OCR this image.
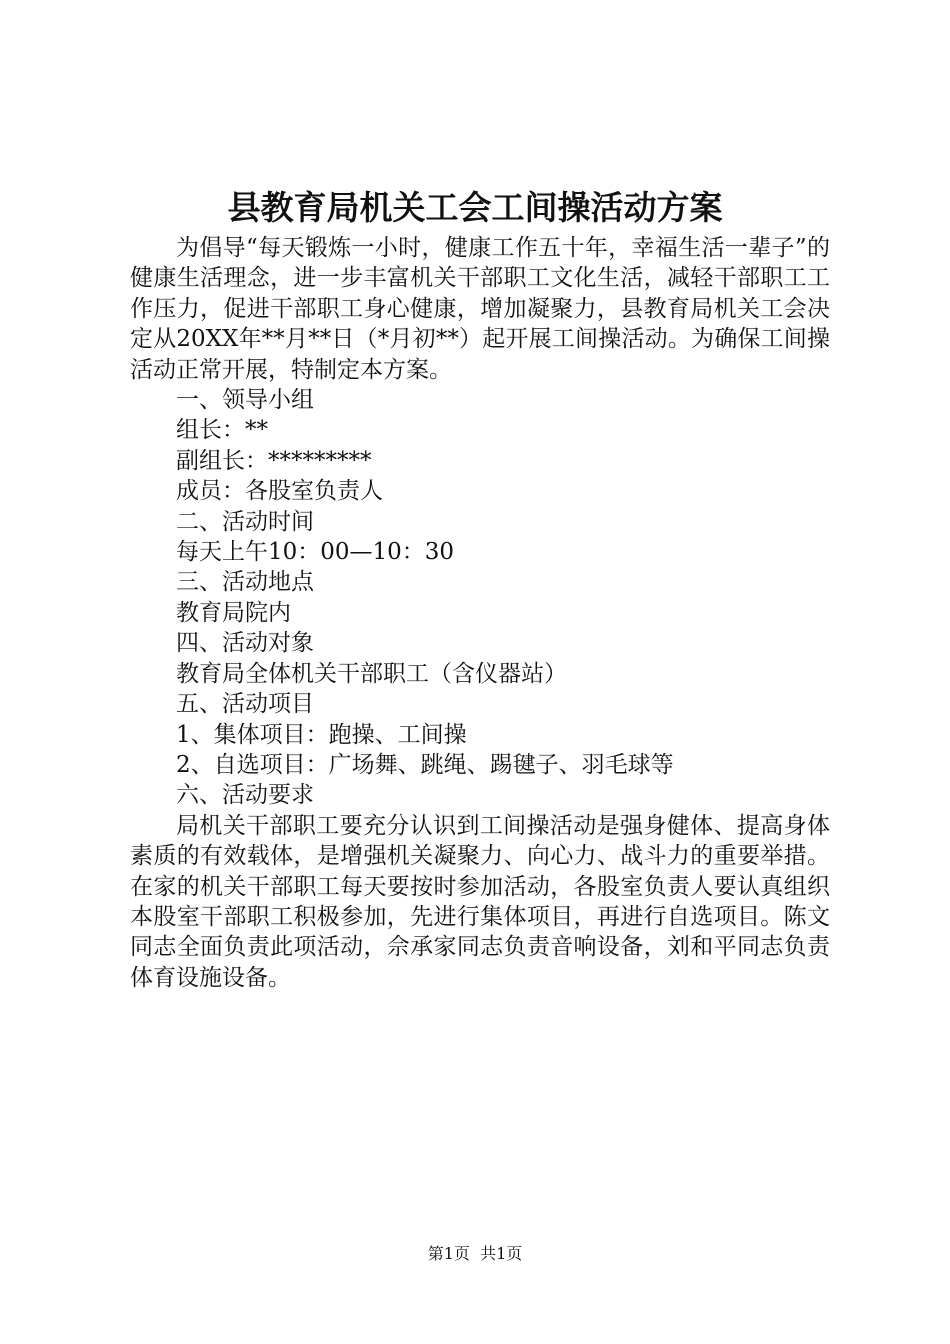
县教育局机关工会工间操活动方案

为倡导“每天锻炼一小时，健康工作五十年，幸福生活一辈子”的健康生活理念，进一步丰富机关干部职工文化生活，减轻干部职工工作压力，促进干部职工身心健康，增加凝聚力，县教育局机关工会决定从20XX年**月**日（*月初**）起开展工间操活动。为确保工间操活动正常开展，特制定本方案。

一、领导小组

组长：**

副组长：*********

成员：各股室负责人

二、活动时间

每天上午10：00—10：30

三、活动地点

教育局院内

四、活动对象

教育局全体机关干部职工（含仪器站）

五、活动项目

1、集体项目：跑操、工间操

2、自选项目：广场舞、跳绳、踢毽子、羽毛球等

六、活动要求

局机关干部职工要充分认识到工间操活动是强身健体、提高身体素质的有效载体，是增强机关凝聚力、向心力、战斗力的重要举措。在家的机关干部职工每天要按时参加活动，各股室负责人要认真组织本股室干部职工积极参加，先进行集体项目，再进行自选项目。陈文同志全面负责此项活动，佘承家同志负责音响设备，刘和平同志负责体育设施设备。

第1页  共1页
